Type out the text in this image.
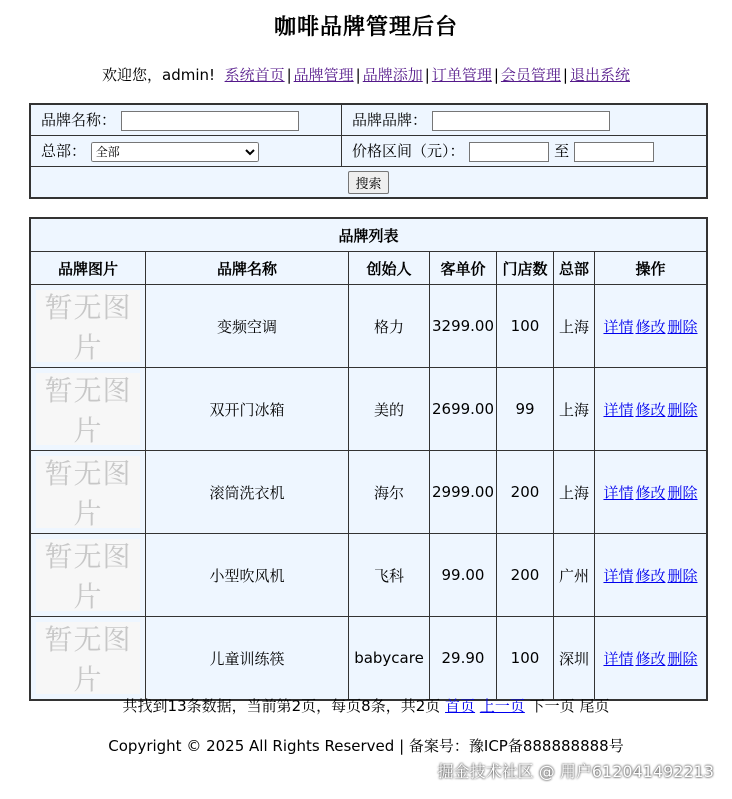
咖啡品牌管理后台
欢迎您，admin! 系统首页 | 品牌管理 | 品牌添加 | 订单管理 | 会员管理 | 退出系统
品牌名称：	品牌品牌：
总部：
全部	价格区间（元）： 至
搜索	
品牌列表						
品牌图片	品牌名称	创始人	客单价	门店数	总部	操作

暂无图片	变频空调	格力	3299.00	100	上海	详情 修改 删除

暂无图片	双开门冰箱	美的	2699.00	99	上海	详情 修改 删除

暂无图片	滚筒洗衣机	海尔	2999.00	200	上海	详情 修改 删除

暂无图片	小型吹风机	飞科	99.00	200	广州	详情 修改 删除

暂无图片	儿童训练筷	babycare	29.90	100	深圳	详情 修改 删除
共找到13条数据，当前第2页，每页8条，共2页 首页 上一页 下一页 尾页
Copyright © 2025 All Rights Reserved | 备案号：豫ICP备888888888号
掘金技术社区 @ 用户612041492213
